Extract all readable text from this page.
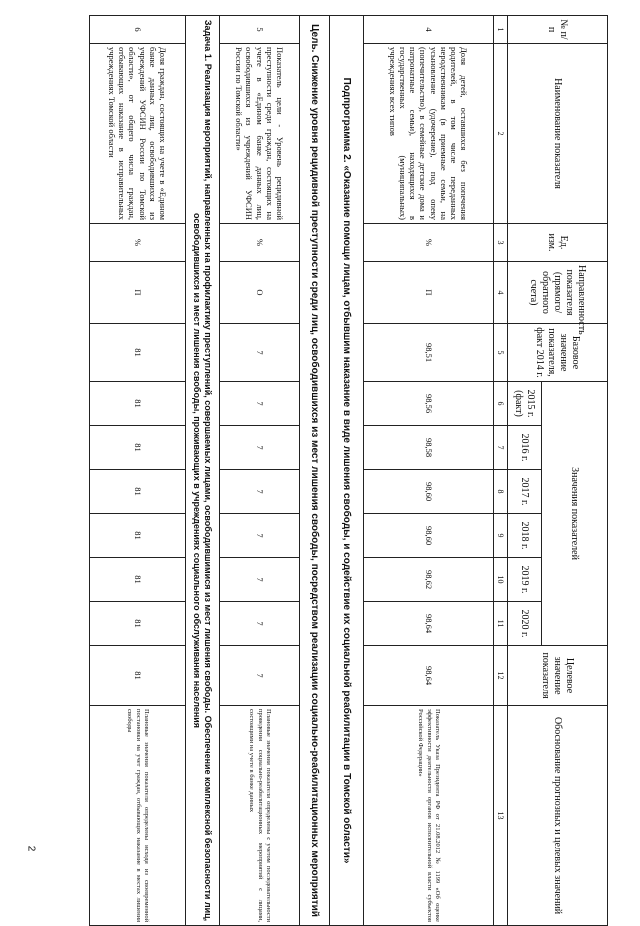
№ п/п	Наименование показателя	Ед. изм.	Направленность показателя (прямого/обратного счета)	Базовое значение показателя, факт 2014 г.	Значения показателей						Целевое значение показателя	Обоснование прогнозных и целевых значений
					2015 г. (факт)	2016 г.	2017 г.	2018 г.	2019 г.	2020 г.		
1	2	3	4	5	6	7	8	9	10	11	12	13
4	Доля детей, оставшихся без попечения родителей, в том числе переданных неродственникам (в приемные семьи, на усыновление (удочерение), под опеку (попечительство), в семейные детские дома и патронатные семьи), находящихся в государственных (муниципальных) учреждениях всех типов	%	П	98,51	98,56	98,58	98,60	98,60	98,62	98,64	98,64	Показатель Указа Президента РФ от 21.08.2012 № 1199 «Об оценке эффективности деятельности органов исполнительной власти субъектов Российской Федерации»
Подпрограмма 2. «Оказание помощи лицам, отбывшим наказание в виде лишения свободы, и содействие их социальной реабилитации в Томской области»												
Цель. Снижение уровня рецидивной преступности среди лиц, освободившихся из мест лишения свободы, посредством реализации социально-реабилитационных мероприятий												
5	Показатель цели - Уровень рецидивной преступности среди граждан, состоящих на учете в «Едином банке данных лиц, освободившихся из учреждений УФСИН России по Томской области»	%	О	7	7	7	7	7	7	7	7	Плановые значения показателя определены с учетом последовательности проведения социально-реабилитационных мероприятий с лицами, состоящими на учете в банке данных
Задача 1. Реализация мероприятий, направленных на профилактику преступлений, совершаемых лицами, освободившимися из мест лишения свободы. Обеспечение комплексной безопасности лиц, освободившихся из мест лишения свободы, проживающих в учреждениях социального обслуживания населения												
6	Доля граждан, состоящих на учете в «Едином банке данных лиц, освободившихся из учреждений УФСИН России по Томской области», от общего числа граждан, отбывающих наказание в исправительных учреждениях Томской области	%	П	81	81	81	81	81	81	81	81	Плановые значения показателя определены исходя из своевременной постановки на учет граждан, отбывающих наказание в местах лишения свободы

2
